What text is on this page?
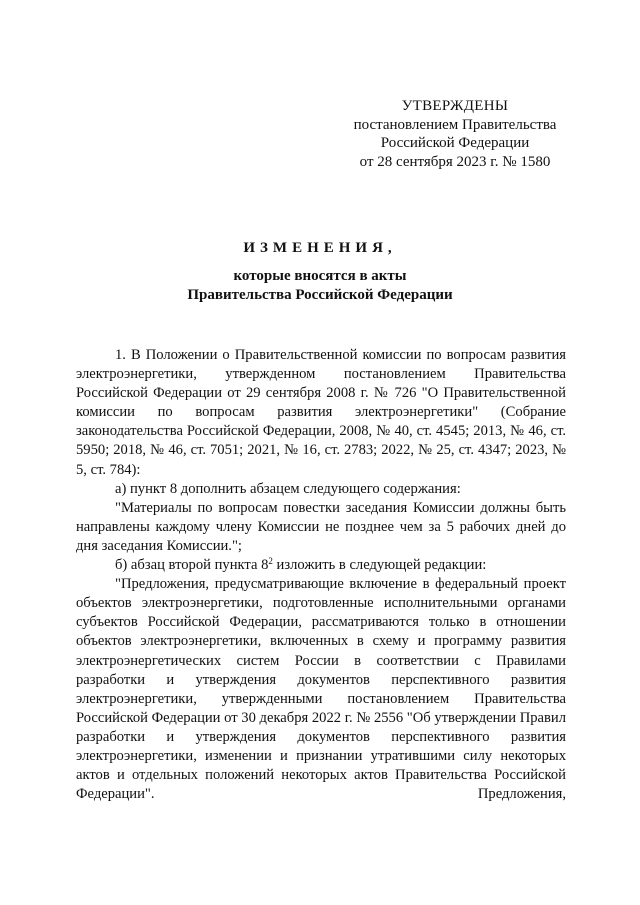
УТВЕРЖДЕНЫ
постановлением Правительства
Российской Федерации
от 28 сентября 2023 г. № 1580
ИЗМЕНЕНИЯ,
которые вносятся в акты
Правительства Российской Федерации

1. В Положении о Правительственной комиссии по вопросам развития электроэнергетики, утвержденном постановлением Правительства Российской Федерации от 29 сентября 2008 г. № 726 "О Правительственной комиссии по вопросам развития электроэнергетики" (Собрание законодательства Российской Федерации, 2008, № 40, ст. 4545; 2013, № 46, ст. 5950; 2018, № 46, ст. 7051; 2021, № 16, ст. 2783; 2022, № 25, ст. 4347; 2023, № 5, ст. 784):

а) пункт 8 дополнить абзацем следующего содержания:

"Материалы по вопросам повестки заседания Комиссии должны быть направлены каждому члену Комиссии не позднее чем за 5 рабочих дней до дня заседания Комиссии.";

б) абзац второй пункта $8^2$ изложить в следующей редакции:

"Предложения, предусматривающие включение в федеральный проект объектов электроэнергетики, подготовленные исполнительными органами субъектов Российской Федерации, рассматриваются только в отношении объектов электроэнергетики, включенных в схему и программу развития электроэнергетических систем России в соответствии с Правилами разработки и утверждения документов перспективного развития электроэнергетики, утвержденными постановлением Правительства Российской Федерации от 30 декабря 2022 г. № 2556 "Об утверждении Правил разработки и утверждения документов перспективного развития электроэнергетики, изменении и признании утратившими силу некоторых актов и отдельных положений некоторых актов Правительства Российской Федерации". Предложения,
